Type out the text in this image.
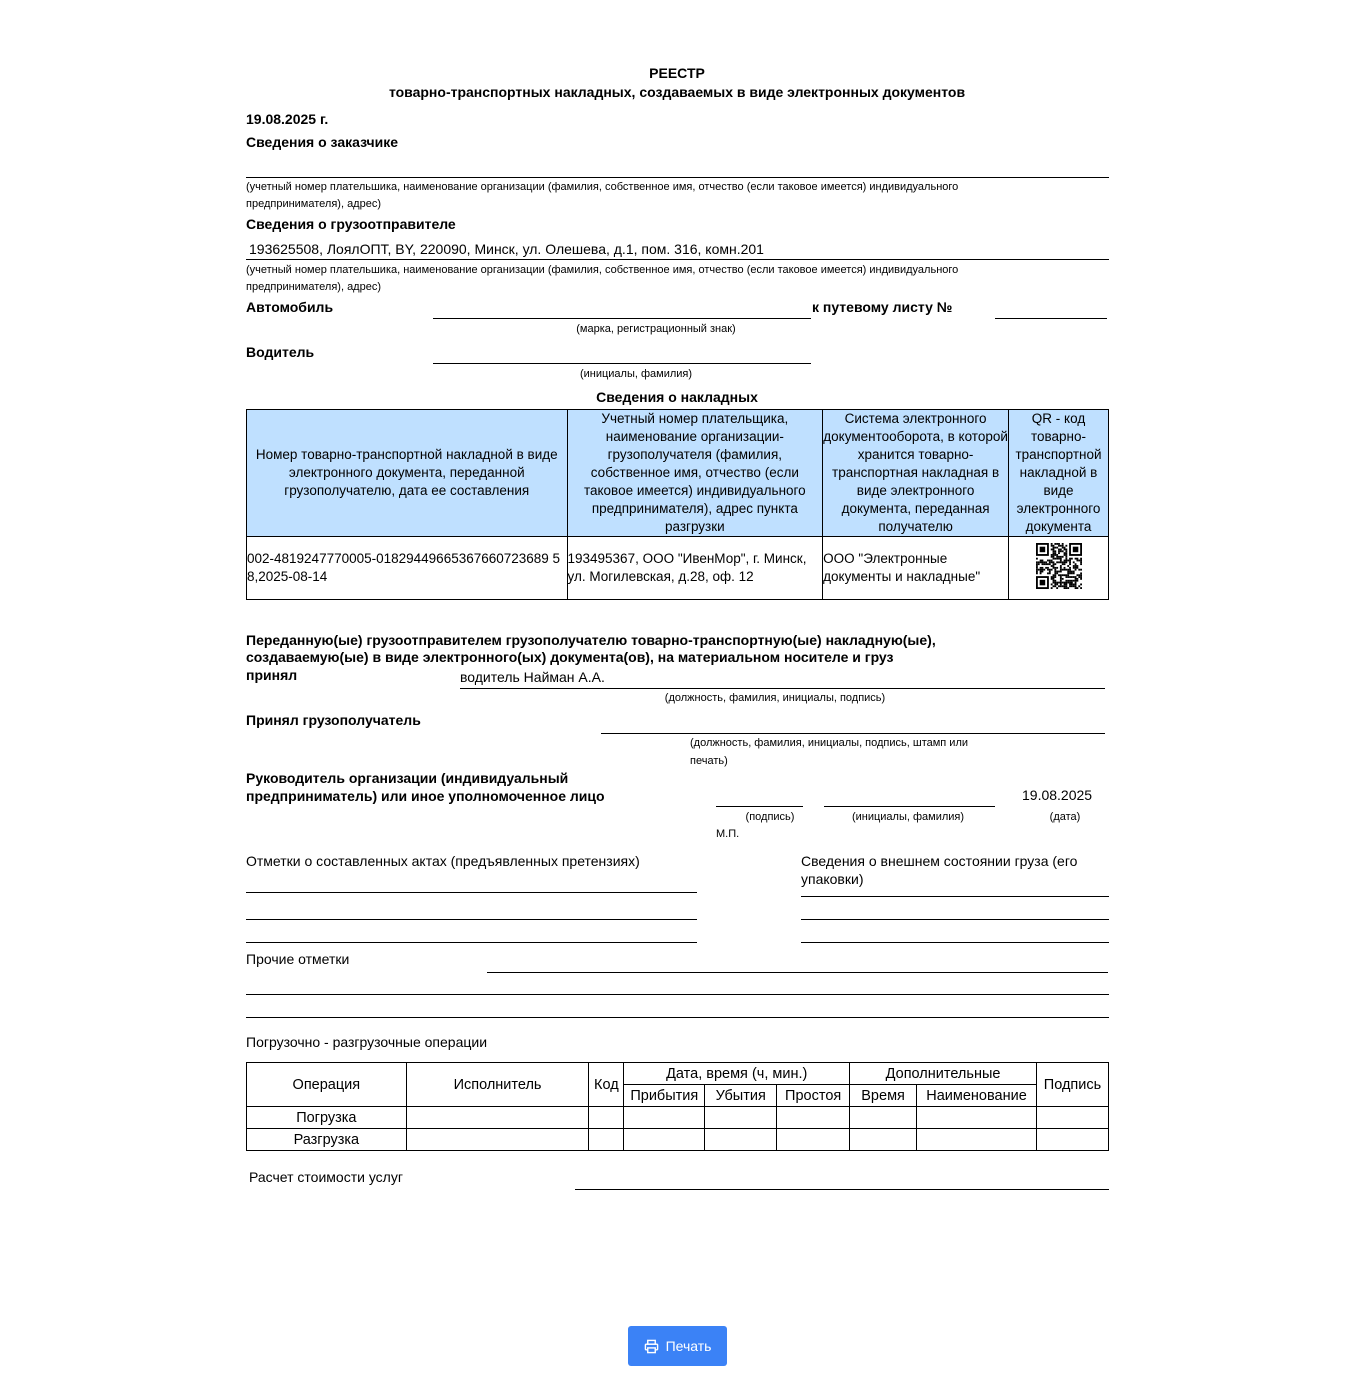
РЕЕСТР
товарно-транспортных накладных, создаваемых в виде электронных документов
19.08.2025 г.
Сведения о заказчике
(учетный номер плательшика, наименование организации (фамилия, собственное имя, отчество (если таковое имеется) индивидуального
предпринимателя), адрес)
Сведения о грузоотправителе
193625508, ЛоялОПТ, BY, 220090, Минск, ул. Олешева, д.1, пом. 316, комн.201
(учетный номер плательшика, наименование организации (фамилия, собственное имя, отчество (если таковое имеется) индивидуального
предпринимателя), адрес)
Автомобиль	к путевому листу №
(марка, регистрационный знак)
Водитель
(инициалы, фамилия)
Сведения о накладных
Номер товарно-транспортной накладной в виде электронного документа, переданной грузополучателю, дата ее составления	Учетный номер плательщика, наименование организации-грузополучателя (фамилия, собственное имя, отчество (если таковое имеется) индивидуального предпринимателя), адрес пункта разгрузки	Система электронного документооборота, в которой хранится товарно-транспортная накладная в виде электронного документа, переданная получателю	QR - код товарно-транспортной накладной в виде электронного документа
002-4819247770005-01829449665367660723689 58,2025-08-14	193495367, ООО "ИвенМор", г. Минск, ул. Могилевская, д.28, оф. 12	ООО "Электронные документы и накладные"	
Переданную(ые) грузоотправителем грузополучателю товарно-транспортную(ые) накладную(ые),
создаваемую(ые) в виде электронного(ых) документа(ов), на материальном носителе и груз
принял	водитель Найман А.А.
(должность, фамилия, инициалы, подпись)
Принял грузополучатель
(должность, фамилия, инициалы, подпись, штамп или
печать)
Руководитель организации (индивидуальный
предприниматель) или иное уполномоченное лицо	19.08.2025
(подпись)	(инициалы, фамилия)	(дата)
М.П.
Отметки о составленных актах (предъявленных претензиях)	Сведения о внешнем состоянии груза (его
упаковки)
Прочие отметки
Погрузочно - разгрузочные операции
Операция	Исполнитель	Код	Дата, время (ч, мин.)			Дополнительные		Подпись
			Прибытия	Убытия	Простоя	Время	Наименование	
Погрузка								
Разгрузка								
Расчет стоимости услуг
Печать
